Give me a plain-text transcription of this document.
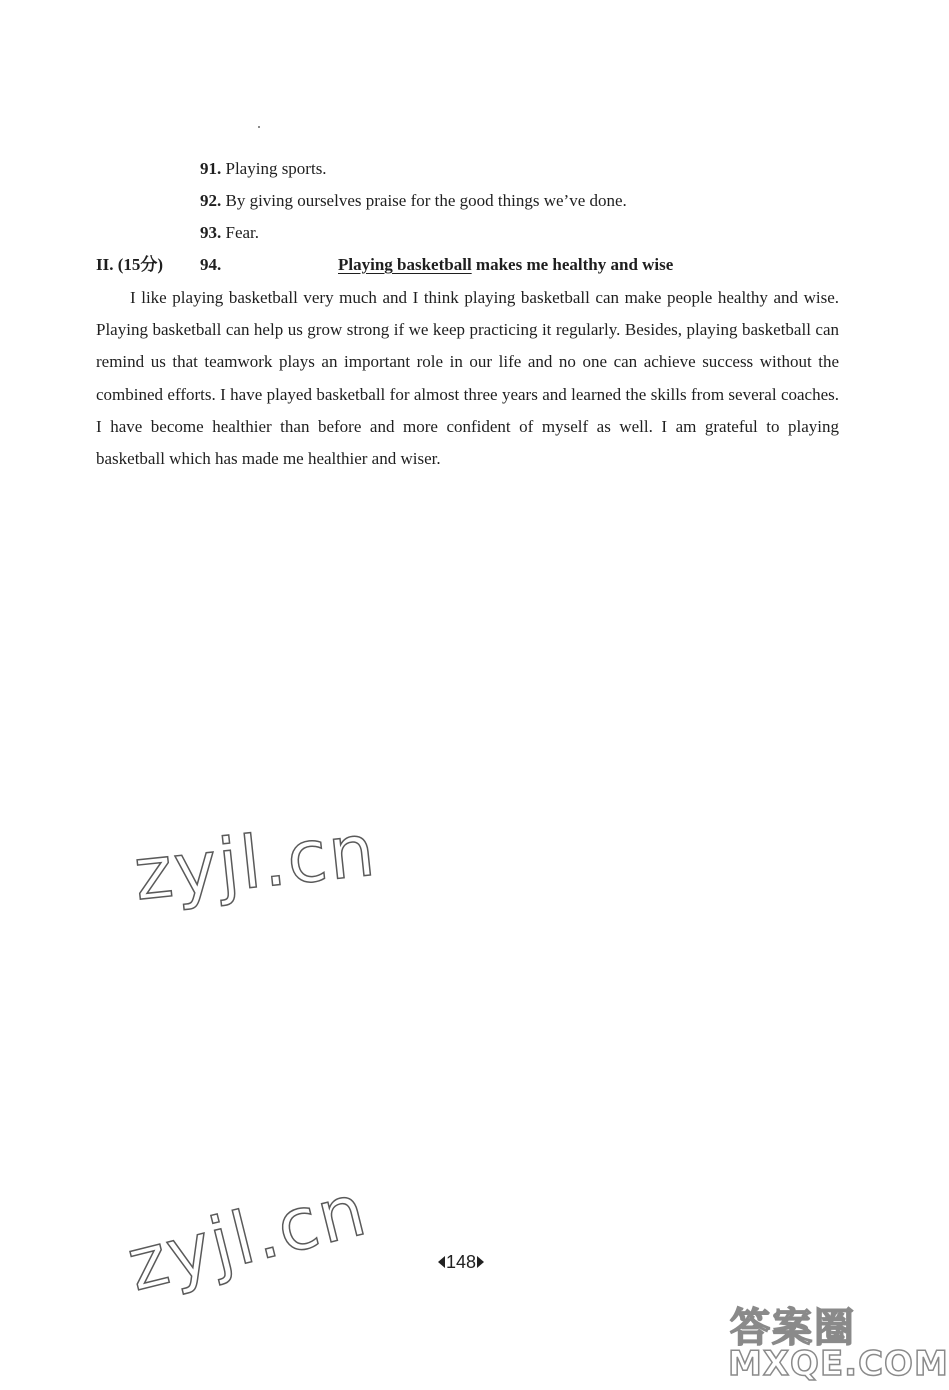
91. Playing sports.
92. By giving ourselves praise for the good things we’ve done.
93. Fear.
II. (15分) 94.	Playing basketball makes me healthy and wise

I like playing basketball very much and I think playing basketball can make people healthy and wise. Playing basketball can help us grow strong if we keep practicing it regularly. Besides, playing basketball can remind us that teamwork plays an important role in our life and no one can achieve success without the combined efforts. I have played basketball for almost three years and learned the skills from several coaches. I have become healthier than before and more confident of myself as well. I am grateful to playing basketball which has made me healthier and wiser.

zyjl.cn
zyjl.cn	148
答案圈
MXQE.COM
